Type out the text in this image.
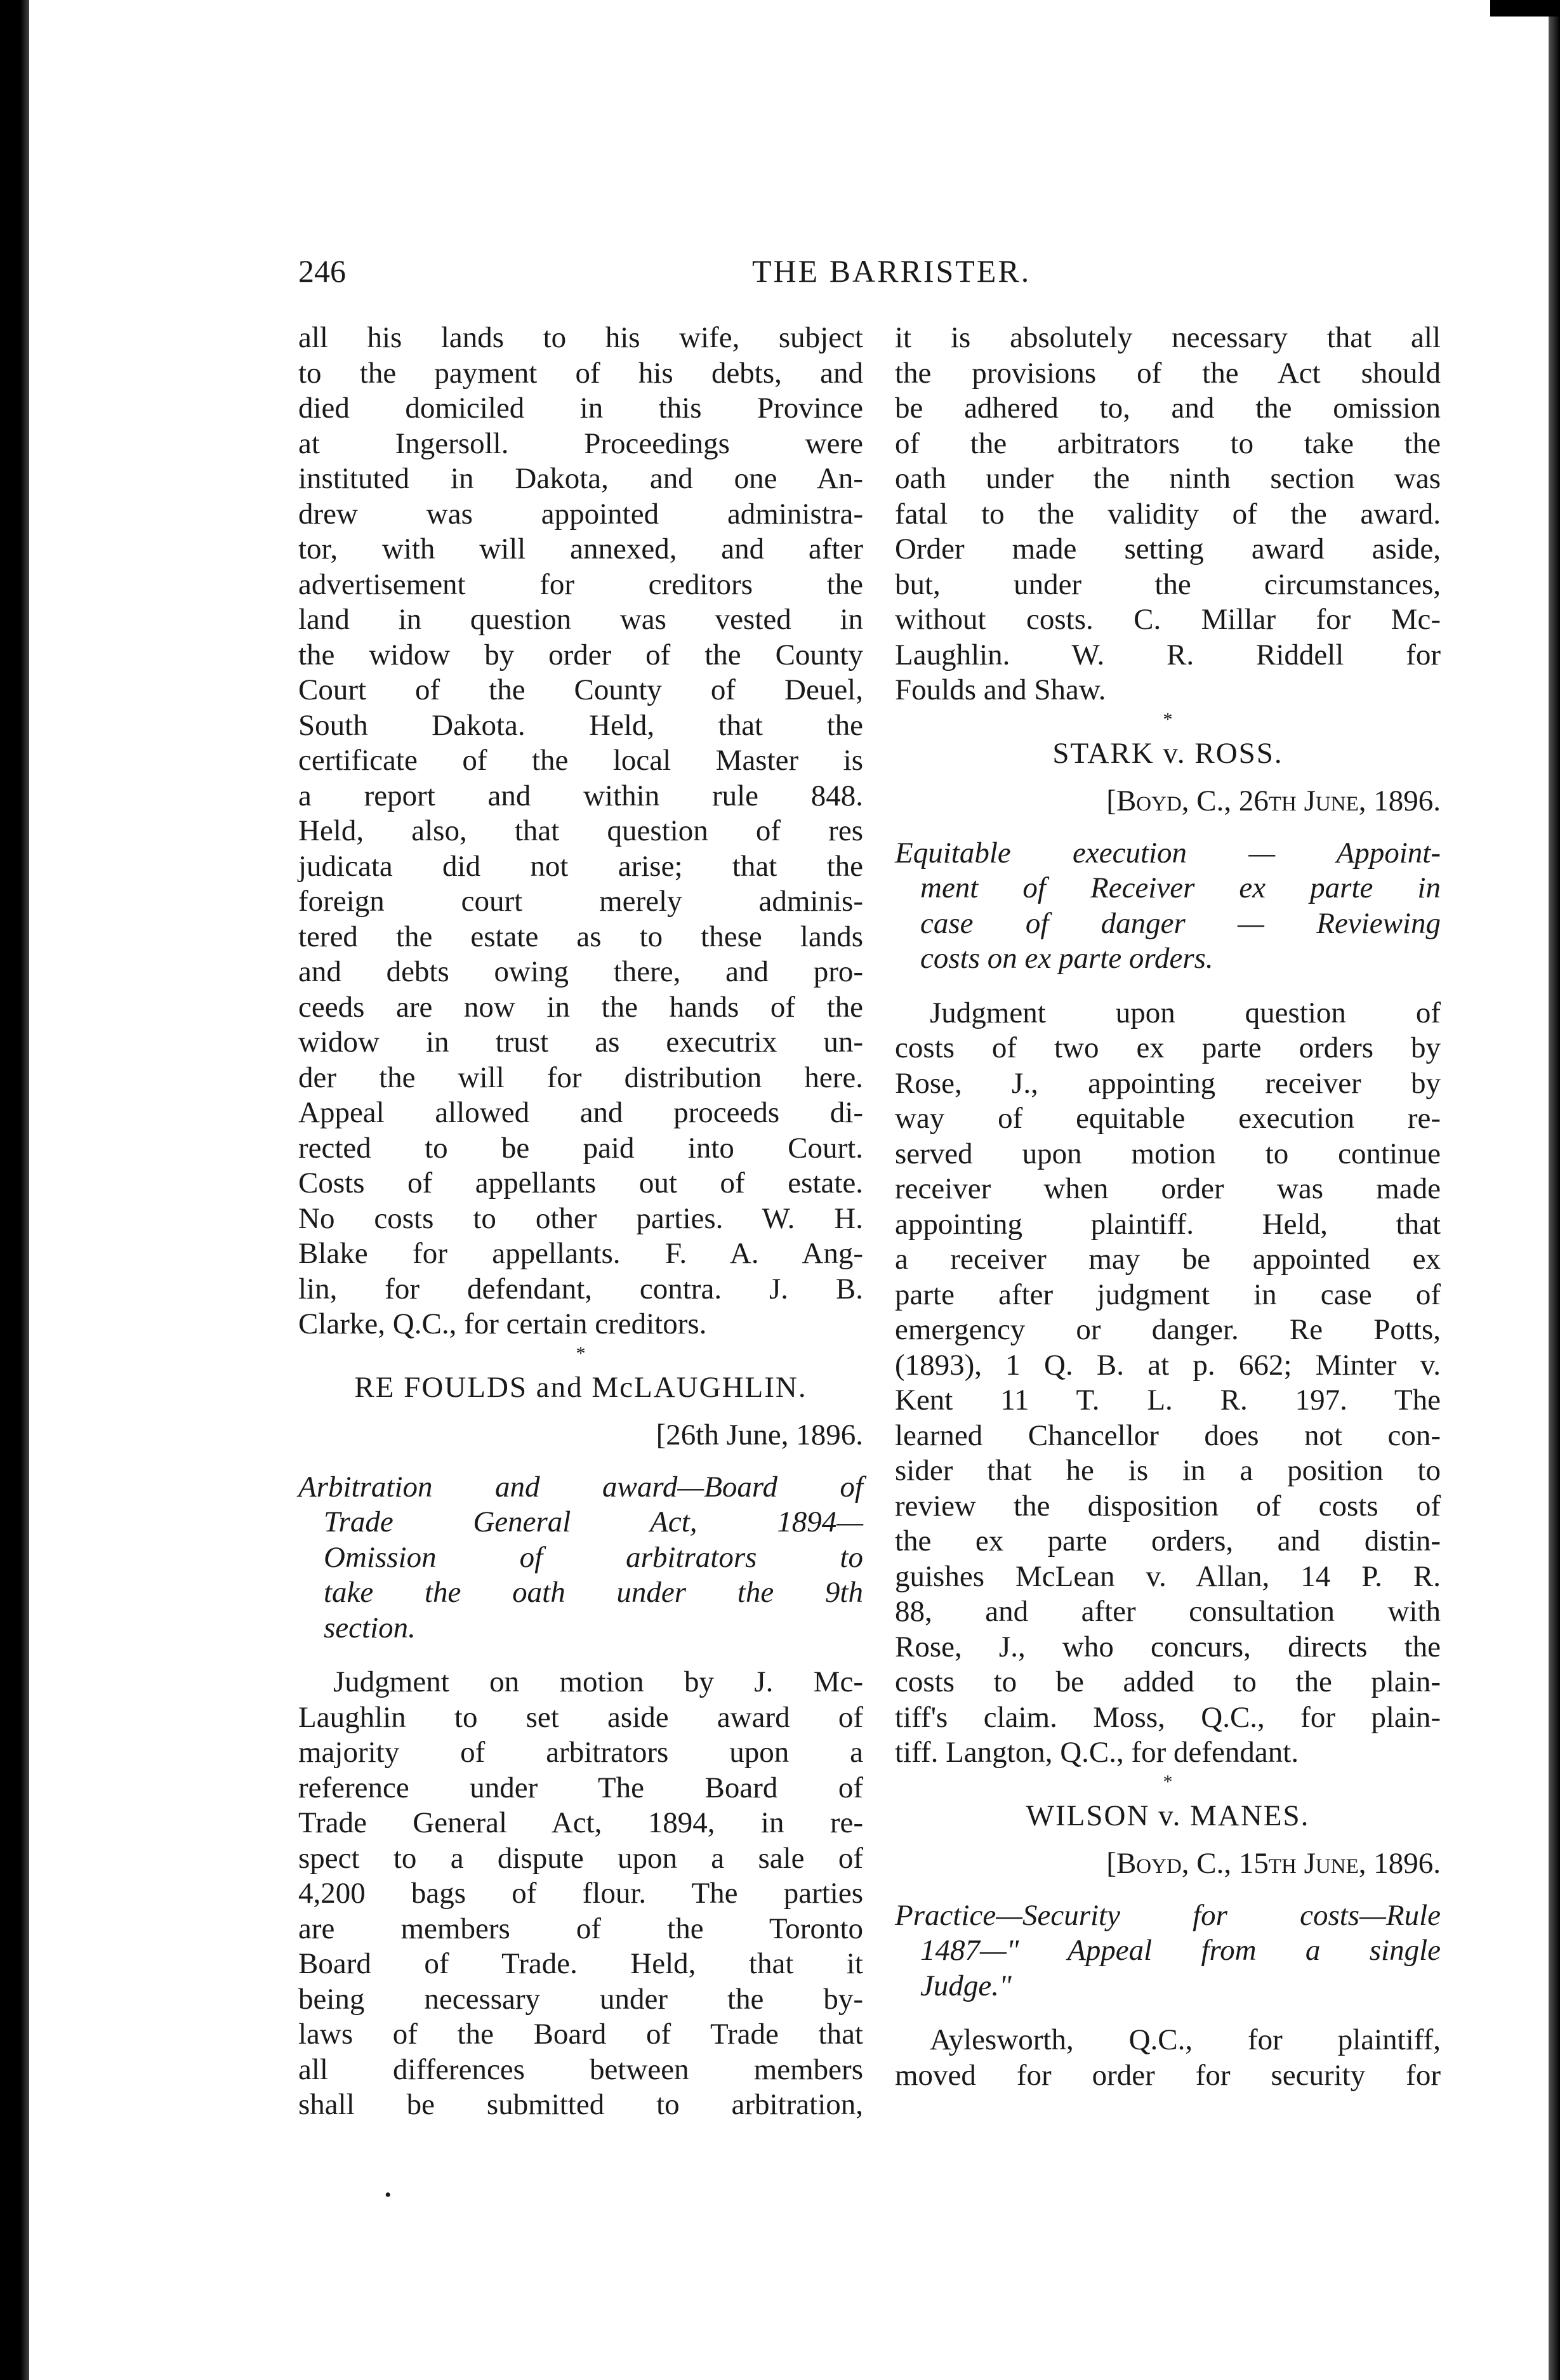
246	THE BARRISTER.
all his lands to his wife, subject
to the payment of his debts, and
died domiciled in this Province
at Ingersoll. Proceedings were
instituted in Dakota, and one An-
drew was appointed administra-
tor, with will annexed, and after
advertisement for creditors the
land in question was vested in
the widow by order of the County
Court of the County of Deuel,
South Dakota. Held, that the
certificate of the local Master is
a report and within rule 848.
Held, also, that question of res
judicata did not arise; that the
foreign court merely adminis-
tered the estate as to these lands
and debts owing there, and pro-
ceeds are now in the hands of the
widow in trust as executrix un-
der the will for distribution here.
Appeal allowed and proceeds di-
rected to be paid into Court.
Costs of appellants out of estate.
No costs to other parties. W. H.
Blake for appellants. F. A. Ang-
lin, for defendant, contra. J. B.
Clarke, Q.C., for certain creditors.
*
RE FOULDS and McLAUGHLIN.
[26th June, 1896.
Arbitration and award—Board of
Trade General Act, 1894—
Omission of arbitrators to
take the oath under the 9th
section.
Judgment on motion by J. Mc-
Laughlin to set aside award of
majority of arbitrators upon a
reference under The Board of
Trade General Act, 1894, in re-
spect to a dispute upon a sale of
4,200 bags of flour. The parties
are members of the Toronto
Board of Trade. Held, that it
being necessary under the by-
laws of the Board of Trade that
all differences between members
shall be submitted to arbitration,
it is absolutely necessary that all
the provisions of the Act should
be adhered to, and the omission
of the arbitrators to take the
oath under the ninth section was
fatal to the validity of the award.
Order made setting award aside,
but, under the circumstances,
without costs. C. Millar for Mc-
Laughlin. W. R. Riddell for
Foulds and Shaw.
*
STARK v. ROSS.
[Boyd, C., 26th June, 1896.
Equitable execution — Appoint-
ment of Receiver ex parte in
case of danger — Reviewing
costs on ex parte orders.
Judgment upon question of
costs of two ex parte orders by
Rose, J., appointing receiver by
way of equitable execution re-
served upon motion to continue
receiver when order was made
appointing plaintiff. Held, that
a receiver may be appointed ex
parte after judgment in case of
emergency or danger. Re Potts,
(1893), 1 Q. B. at p. 662; Minter v.
Kent 11 T. L. R. 197. The
learned Chancellor does not con-
sider that he is in a position to
review the disposition of costs of
the ex parte orders, and distin-
guishes McLean v. Allan, 14 P. R.
88, and after consultation with
Rose, J., who concurs, directs the
costs to be added to the plain-
tiff's claim. Moss, Q.C., for plain-
tiff. Langton, Q.C., for defendant.
*
WILSON v. MANES.
[Boyd, C., 15th June, 1896.
Practice—Security for costs—Rule
1487—" Appeal from a single
Judge."
Aylesworth, Q.C., for plaintiff,
moved for order for security for
•
